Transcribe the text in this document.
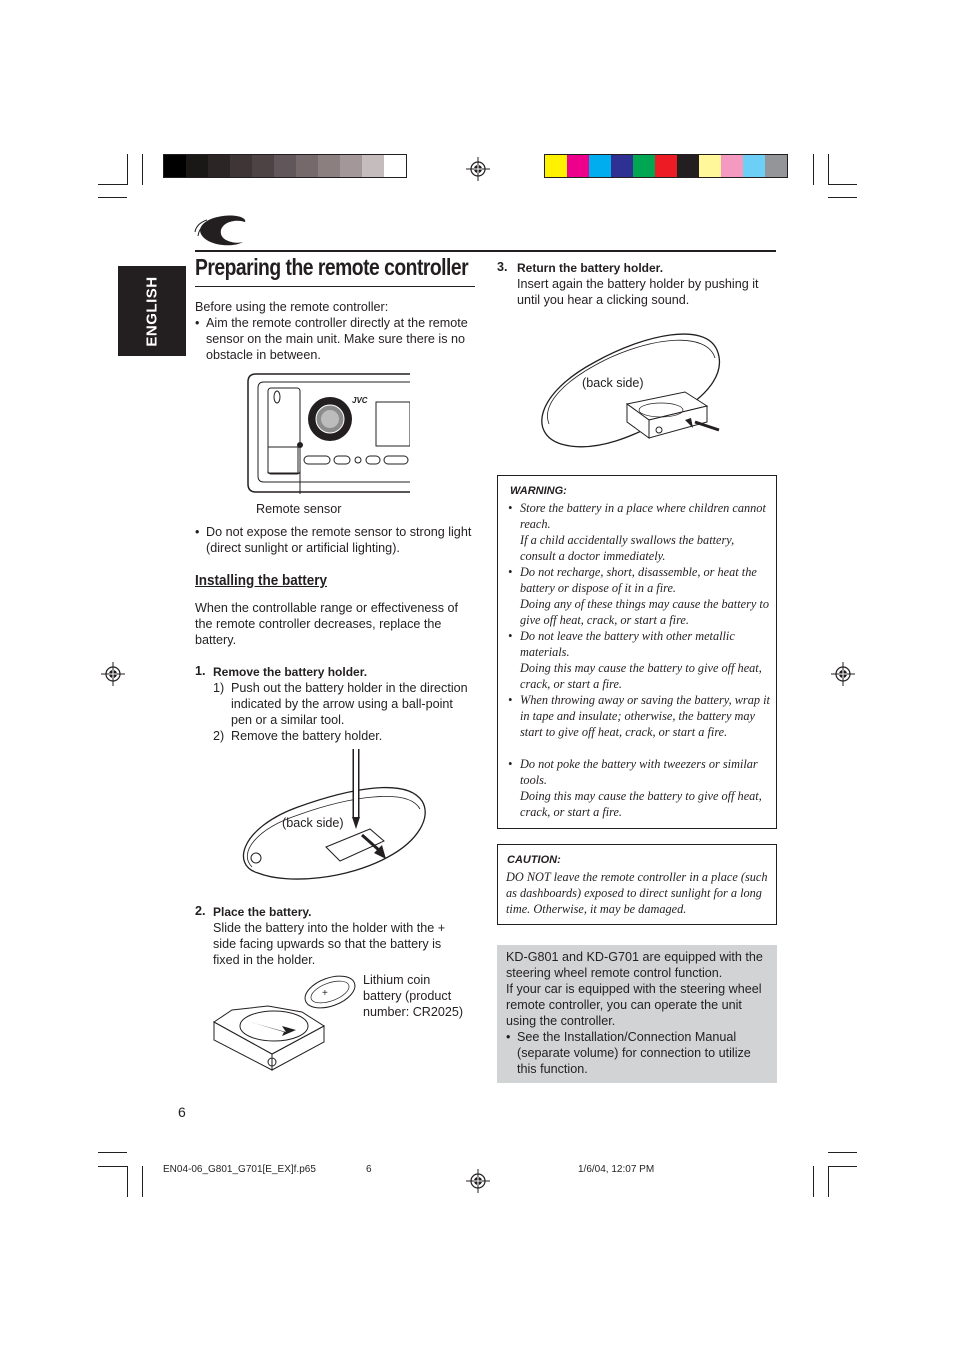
ENGLISH
Preparing the remote controller
Before using the remote controller:
• Aim the remote controller directly at the remote sensor on the main unit. Make sure there is no obstacle in between.
JVC
Remote sensor
• Do not expose the remote sensor to strong light (direct sunlight or artificial lighting).
Installing the battery
When the controllable range or effectiveness of the remote controller decreases, replace the battery.
1. Remove the battery holder.
1) Push out the battery holder in the direction indicated by the arrow using a ball-point pen or a similar tool.
2) Remove the battery holder.
(back side)
2. Place the battery.
Slide the battery into the holder with the + side facing upwards so that the battery is fixed in the holder.
+
Lithium coin battery (product number: CR2025)
3. Return the battery holder.
Insert again the battery holder by pushing it until you hear a clicking sound.
(back side)
WARNING:
• Store the battery in a place where children cannot reach.
If a child accidentally swallows the battery, consult a doctor immediately.
• Do not recharge, short, disassemble, or heat the battery or dispose of it in a fire.
Doing any of these things may cause the battery to give off heat, crack, or start a fire.
• Do not leave the battery with other metallic materials.
Doing this may cause the battery to give off heat, crack, or start a fire.
• When throwing away or saving the battery, wrap it in tape and insulate; otherwise, the battery may start to give off heat, crack, or start a fire.
• Do not poke the battery with tweezers or similar tools.
Doing this may cause the battery to give off heat, crack, or start a fire.
CAUTION:
DO NOT leave the remote controller in a place (such as dashboards) exposed to direct sunlight for a long time. Otherwise, it may be damaged.
KD-G801 and KD-G701 are equipped with the steering wheel remote control function.
If your car is equipped with the steering wheel remote controller, you can operate the unit using the controller.
• See the Installation/Connection Manual (separate volume) for connection to utilize this function.
6
EN04-06_G801_G701[E_EX]f.p65	6	1/6/04, 12:07 PM
